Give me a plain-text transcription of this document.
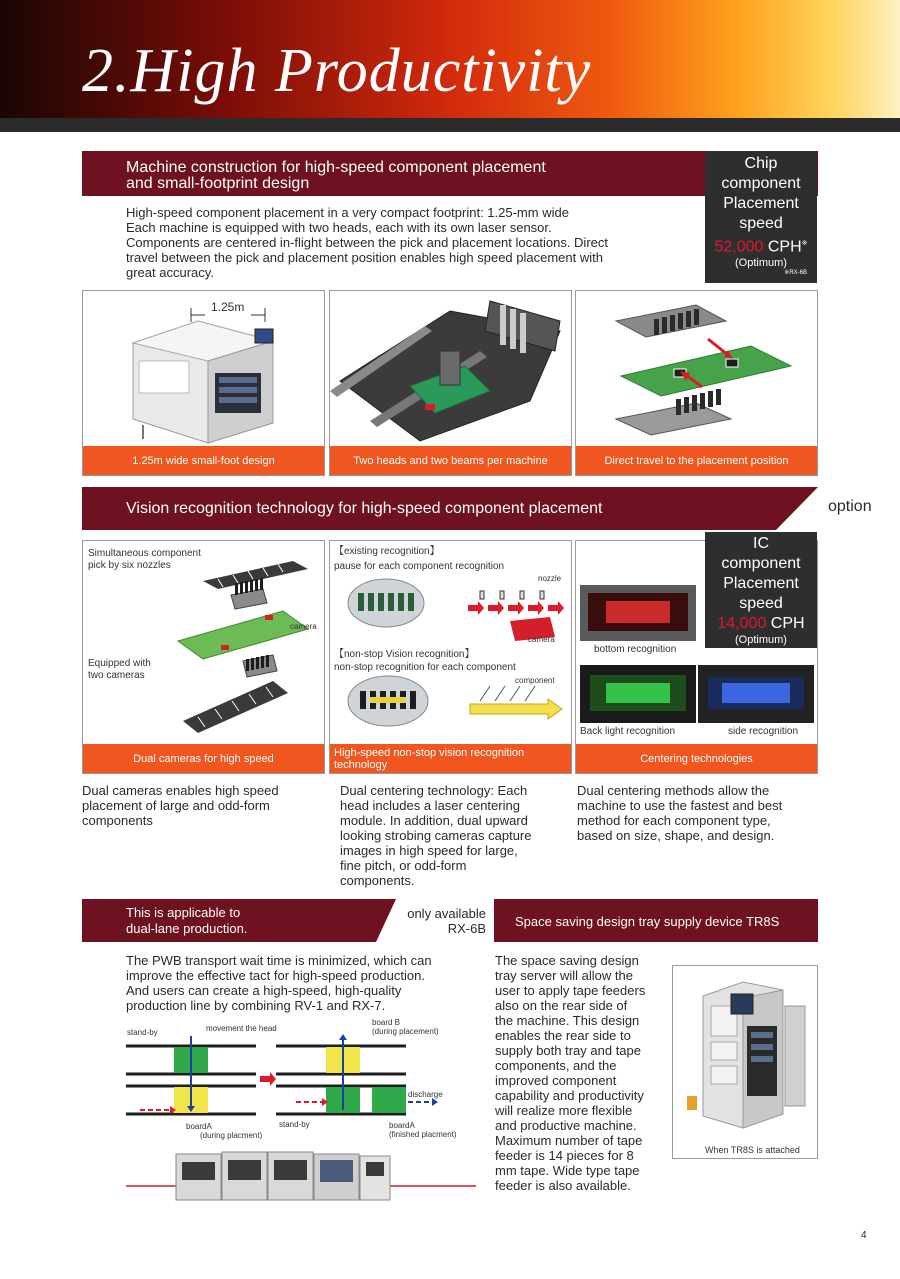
2.High Productivity
Machine construction for high-speed component placement
and small-footprint design
Chip
component
Placement
speed
52,000 CPH※
(Optimum)
※RX-6B
High-speed component placement in a very compact footprint: 1.25-mm wide
Each machine is equipped with two heads, each with its own laser sensor.
Components are centered in-flight between the pick and placement locations. Direct
travel between the pick and placement position enables high speed placement with
great accuracy.
1.25m
1.25m wide small-foot design	Two heads and two beams per machine	Direct travel to the placement position
Vision recognition technology for high-speed component placement	option
Simultaneous component
pick by six nozzles
camera
Equipped with
two cameras
Dual cameras for high speed
【existing recognition】
pause for each component recognition
nozzle
camera
【non-stop Vision recognition】
non-stop recognition for each component
component
High-speed non-stop vision recognition
technology
bottom recognition
Back light recognition	side recognition
Centering technologies
IC
component
Placement
speed
14,000 CPH
(Optimum)
Dual cameras enables high speed
placement of large and odd-form
components
Dual centering technology: Each
head includes a laser centering
module. In addition, dual upward
looking strobing cameras capture
images in high speed for large,
fine pitch, or odd-form
components.
Dual centering methods allow the
machine to use the fastest and best
method for each component type,
based on size, shape, and design.
This is applicable to
dual-lane production.
only available
RX-6B
The PWB transport wait time is minimized, which can
improve the effective tact for high-speed production.
And users can create a high-speed, high-quality
production line by combining RV-1 and RX-7.
stand-by	movement the head
board B
(during placement)
discharge
boardA
(during placment)
stand-by	boardA
(finished placment)
Space saving design tray supply device TR8S
The space saving design
tray server will allow the
user to apply tape feeders
also on the rear side of
the machine. This design
enables the rear side to
supply both tray and tape
components, and the
improved component
capability and productivity
will realize more flexible
and productive machine.
Maximum number of tape
feeder is 14 pieces for 8
mm tape. Wide type tape
feeder is also available.
When TR8S is attached
4
